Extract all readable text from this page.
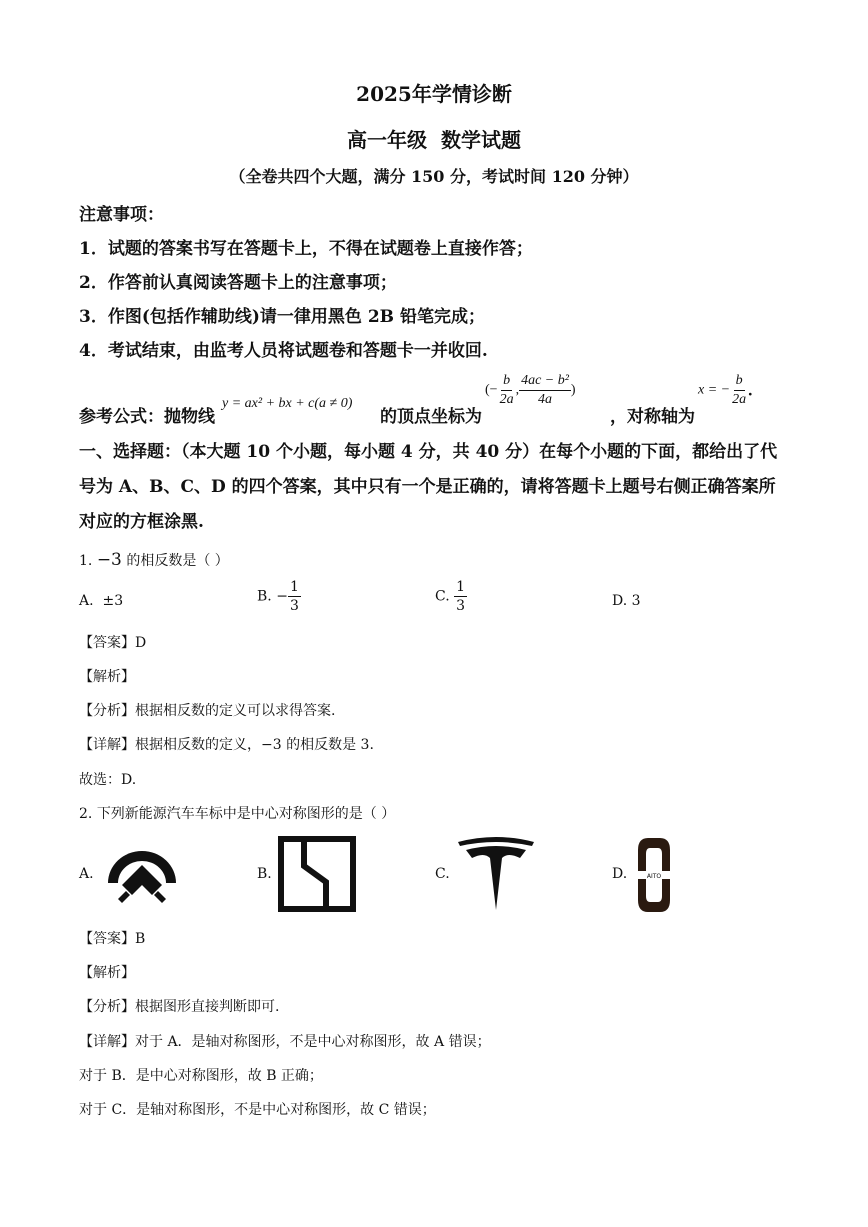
2025年学情诊断
高一年级  数学试题
（全卷共四个大题，满分 150 分，考试时间 120 分钟）
注意事项：
1．试题的答案书写在答题卡上，不得在试题卷上直接作答；
2．作答前认真阅读答题卡上的注意事项；
3．作图(包括作辅助线)请一律用黑色 2B 铅笔完成；
4．考试结束，由监考人员将试题卷和答题卡一并收回.
参考公式：抛物线
y = ax² + bx + c(a ≠ 0)
的顶点坐标为
(− $\frac{b}{2a}$ , $\frac{\text{4ac − b²}}{4a}$ )
，对称轴为
x = − $\frac{b}{2a}$ .
一、选择题：（本大题 10 个小题，每小题 4 分，共 40 分）在每个小题的下面，都给出了代
号为 A、B、C、D 的四个答案，其中只有一个是正确的，请将答题卡上题号右侧正确答案所
对应的方框涂黑.
1. −3 的相反数是（ ）
A. ±3	B. − $\frac{1}{3}$	C. $\frac{1}{3}$	D. 3
【答案】D
【解析】
【分析】根据相反数的定义可以求得答案.
【详解】根据相反数的定义，−3 的相反数是 3.
故选：D.
2. 下列新能源汽车车标中是中心对称图形的是（ ）
A.	B.	C.	D.	AITO
【答案】B
【解析】
【分析】根据图形直接判断即可.
【详解】对于 A．是轴对称图形，不是中心对称图形，故 A 错误；
对于 B．是中心对称图形，故 B 正确；
对于 C．是轴对称图形，不是中心对称图形，故 C 错误；
